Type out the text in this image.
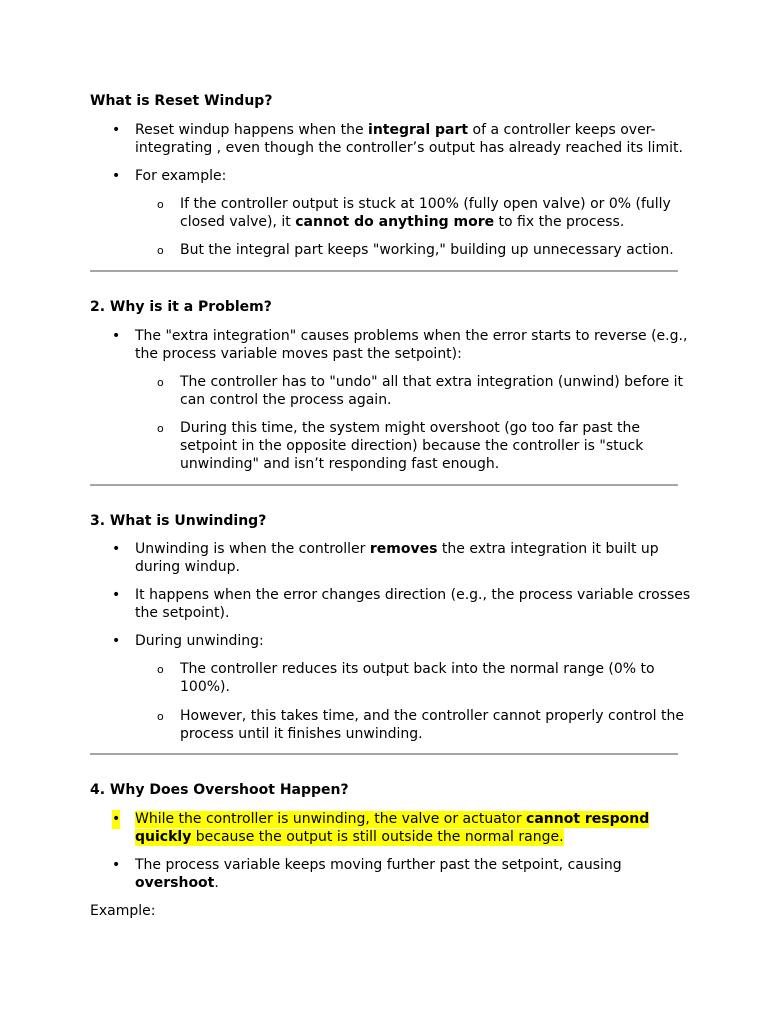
What is Reset Windup?
• Reset windup happens when the integral part of a controller keeps over-integrating , even though the controller’s output has already reached its limit.
• For example:
o If the controller output is stuck at 100% (fully open valve) or 0% (fully closed valve), it cannot do anything more to fix the process.
o But the integral part keeps "working," building up unnecessary action.
2. Why is it a Problem?
• The "extra integration" causes problems when the error starts to reverse (e.g., the process variable moves past the setpoint):
o The controller has to "undo" all that extra integration (unwind) before it can control the process again.
o During this time, the system might overshoot (go too far past the setpoint in the opposite direction) because the controller is "stuck unwinding" and isn’t responding fast enough.
3. What is Unwinding?
• Unwinding is when the controller removes the extra integration it built up during windup.
• It happens when the error changes direction (e.g., the process variable crosses the setpoint).
• During unwinding:
o The controller reduces its output back into the normal range (0% to 100%).
o However, this takes time, and the controller cannot properly control the process until it finishes unwinding.
4. Why Does Overshoot Happen?
• While the controller is unwinding, the valve or actuator cannot respond quickly because the output is still outside the normal range.
• The process variable keeps moving further past the setpoint, causing overshoot.
Example:
